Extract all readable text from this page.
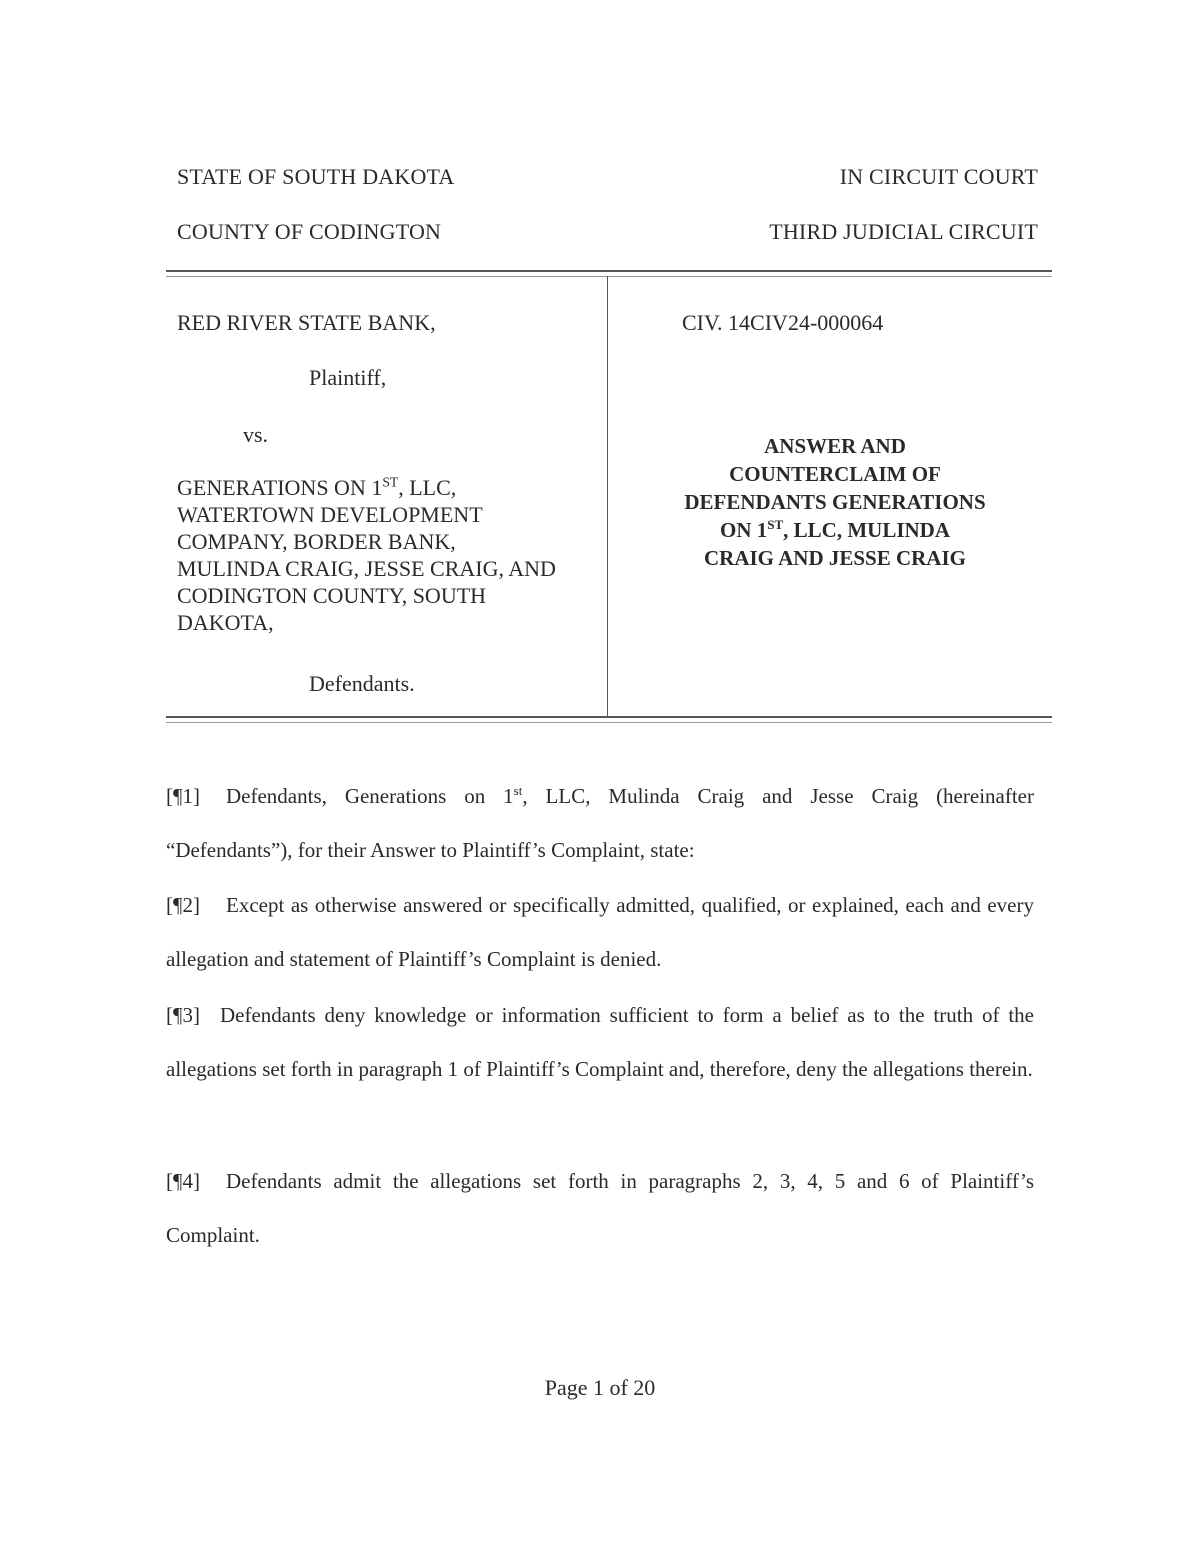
STATE OF SOUTH DAKOTA
COUNTY OF CODINGTON
IN CIRCUIT COURT
THIRD JUDICIAL CIRCUIT
RED RIVER STATE BANK,
Plaintiff,
vs.
GENERATIONS ON 1ST, LLC,
WATERTOWN DEVELOPMENT
COMPANY, BORDER BANK,
MULINDA CRAIG, JESSE CRAIG, AND
CODINGTON COUNTY, SOUTH
DAKOTA,
Defendants.
CIV. 14CIV24-000064
ANSWER AND
COUNTERCLAIM OF
DEFENDANTS GENERATIONS
ON 1ST, LLC, MULINDA
CRAIG AND JESSE CRAIG
[¶1] Defendants, Generations on 1st, LLC, Mulinda Craig and Jesse Craig (hereinafter “Defendants”), for their Answer to Plaintiff’s Complaint, state:
[¶2] Except as otherwise answered or specifically admitted, qualified, or explained, each and every allegation and statement of Plaintiff’s Complaint is denied.
[¶3] Defendants deny knowledge or information sufficient to form a belief as to the truth of the allegations set forth in paragraph 1 of Plaintiff’s Complaint and, therefore, deny the allegations therein.
[¶4] Defendants admit the allegations set forth in paragraphs 2, 3, 4, 5 and 6 of Plaintiff’s Complaint.
Page 1 of 20
